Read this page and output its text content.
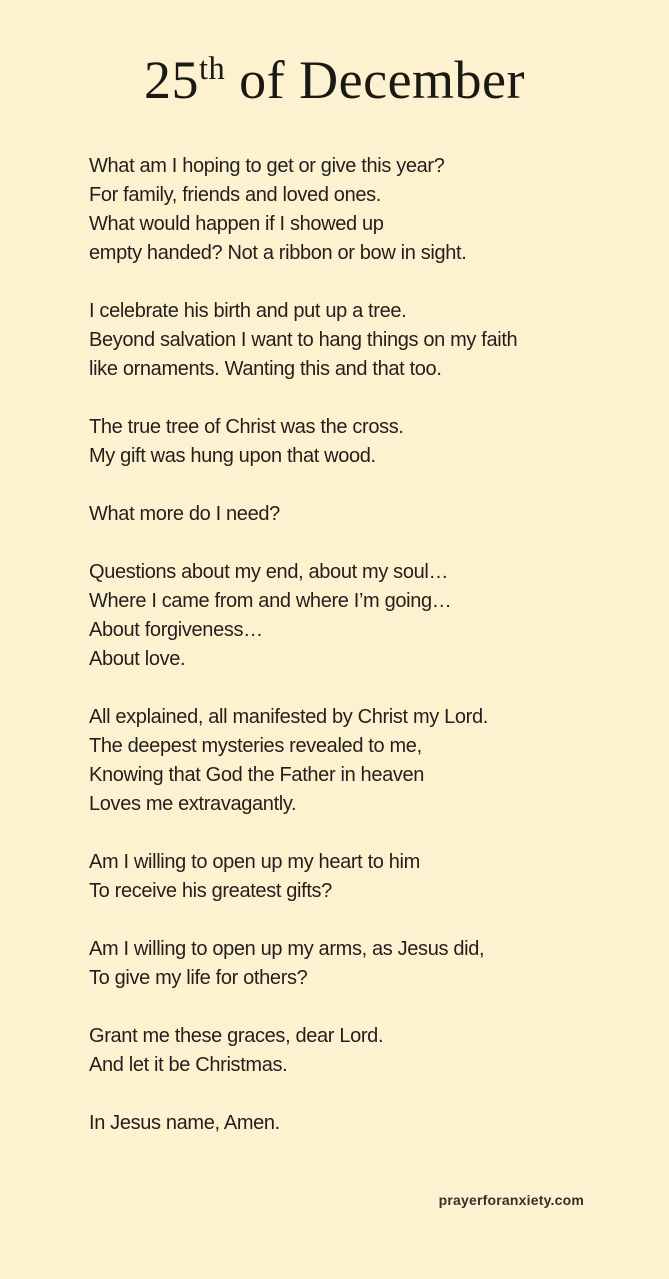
25th of December
What am I hoping to get or give this year?
For family, friends and loved ones.
What would happen if I showed up
empty handed? Not a ribbon or bow in sight.
I celebrate his birth and put up a tree.
Beyond salvation I want to hang things on my faith
like ornaments. Wanting this and that too.
The true tree of Christ was the cross.
My gift was hung upon that wood.
What more do I need?
Questions about my end, about my soul…
Where I came from and where I’m going…
About forgiveness…
About love.
All explained, all manifested by Christ my Lord.
The deepest mysteries revealed to me,
Knowing that God the Father in heaven
Loves me extravagantly.
Am I willing to open up my heart to him
To receive his greatest gifts?
Am I willing to open up my arms, as Jesus did,
To give my life for others?
Grant me these graces, dear Lord.
And let it be Christmas.
In Jesus name, Amen.
prayerforanxiety.com
